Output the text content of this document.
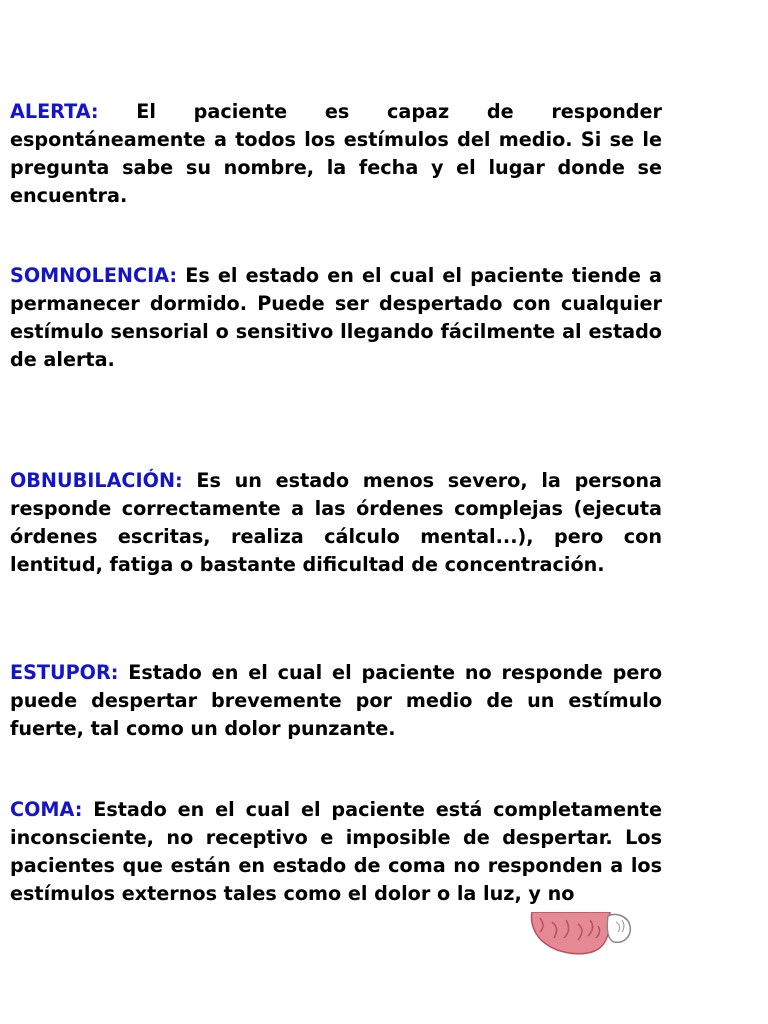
ALERTA: El paciente es capaz de responder espontáneamente a todos los estímulos del medio. Si se le pregunta sabe su nombre, la fecha y el lugar donde se encuentra.

SOMNOLENCIA: Es el estado en el cual el paciente tiende a permanecer dormido. Puede ser despertado con cualquier estímulo sensorial o sensitivo llegando fácilmente al estado de alerta.

OBNUBILACIÓN: Es un estado menos severo, la persona responde correctamente a las órdenes complejas (ejecuta órdenes escritas, realiza cálculo mental...), pero con lentitud, fatiga o bastante dificultad de concentración.

ESTUPOR: Estado en el cual el paciente no responde pero puede despertar brevemente por medio de un estímulo fuerte, tal como un dolor punzante.

COMA: Estado en el cual el paciente está completamente inconsciente, no receptivo e imposible de despertar. Los pacientes que están en estado de coma no responden a los estímulos externos tales como el dolor o la luz, y no
